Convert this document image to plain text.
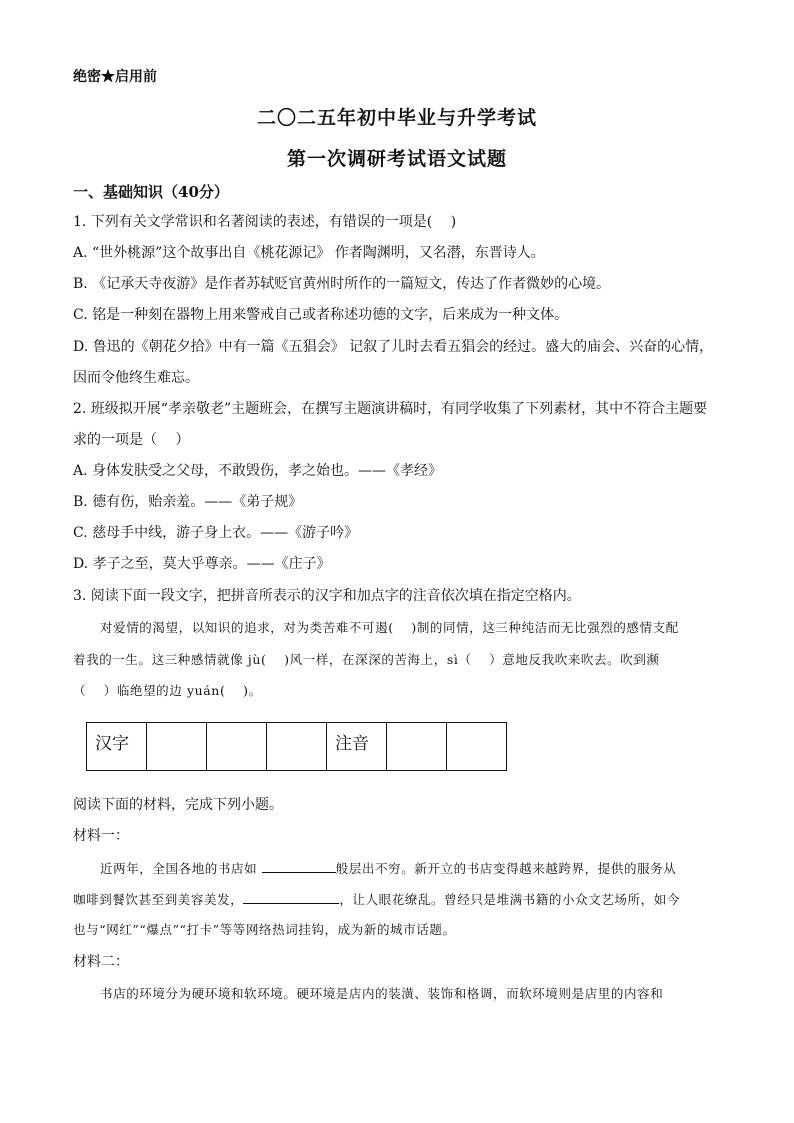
绝密★启用前
二〇二五年初中毕业与升学考试
第一次调研考试语文试题
一、基础知识（40分）
1. 下列有关文学常识和名著阅读的表述，有错误的一项是(　 )
A. “世外桃源”这个故事出自《桃花源记》 作者陶渊明，又名潜，东晋诗人。
B. 《记承天寺夜游》是作者苏轼贬官黄州时所作的一篇短文，传达了作者微妙的心境。
C. 铭是一种刻在器物上用来警戒自己或者称述功德的文字，后来成为一种文体。
D. 鲁迅的《朝花夕拾》中有一篇《五猖会》 记叙了儿时去看五猖会的经过。盛大的庙会、兴奋的心情，
因而令他终生难忘。
2. 班级拟开展“孝亲敬老”主题班会，在撰写主题演讲稿时，有同学收集了下列素材，其中不符合主题要
求的一项是（　 ）
A. 身体发肤受之父母，不敢毁伤，孝之始也。——《孝经》
B. 德有伤，贻亲羞。——《弟子规》
C. 慈母手中线，游子身上衣。——《游子吟》
D. 孝子之至，莫大乎尊亲。——《庄子》
3. 阅读下面一段文字，把拼音所表示的汉字和加点字的注音依次填在指定空格内。
对爱情的渴望，以知识的追求，对为类苦难不可遏(　 )制的同情，这三种纯洁而无比强烈的感情支配
着我的一生。这三种感情就像 jù(　 )风一样，在深深的苦海上，sì（　 ）意地反我吹来吹去。吹到濒
（　 ）临绝望的边 yuán(　 )。
汉字				注音		
阅读下面的材料，完成下列小题。
材料一：
近两年，全国各地的书店如	般层出不穷。新开立的书店变得越来越跨界，提供的服务从
咖啡到餐饮甚至到美容美发，	，让人眼花缭乱。曾经只是堆满书籍的小众文艺场所，如今
也与“网红”“爆点”“打卡”等等网络热词挂钩，成为新的城市话题。
材料二：
书店的环境分为硬环境和软环境。硬环境是店内的装潢、装饰和格调，而软环境则是店里的内容和
